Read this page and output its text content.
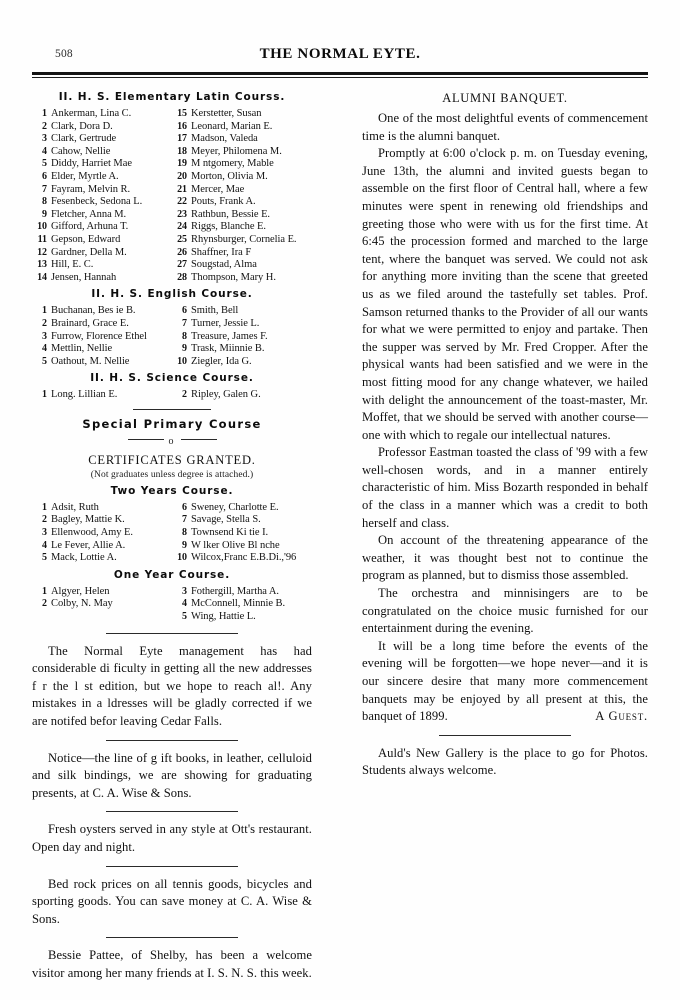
508	THE NORMAL EYTE.
II. H. S. Elementary Latin Courss.
1 Ankerman, Lina C.
2 Clark, Dora D.
3 Clark, Gertrude
4 Cahow, Nellie
5 Diddy, Harriet Mae
6 Elder, Myrtle A.
7 Fayram, Melvin R.
8 Fesenbeck, Sedona L.
9 Fletcher, Anna M.
10 Gifford, Arhuna T.
11 Gepson, Edward
12 Gardner, Della M.
13 Hill, E. C.
14 Jensen, Hannah
15 Kerstetter, Susan
16 Leonard, Marian E.
17 Madson, Valeda
18 Meyer, Philomena M.
19 M ntgomery, Mable
20 Morton, Olivia M.
21 Mercer, Mae
22 Pouts, Frank A.
23 Rathbun, Bessie E.
24 Riggs, Blanche E.
25 Rhynsburger, Cornelia E.
26 Shaffner, Ira F
27 Sougstad, Alma
28 Thompson, Mary H.
II. H. S. English Course.
1 Buchanan, Bes ie B.
2 Brainard, Grace E.
3 Furrow, Florence Ethel
4 Mettlin, Nellie
5 Oathout, M. Nellie
6 Smith, Bell
7 Turner, Jessie L.
8 Treasure, James F.
9 Trask, Miinnie B.
10 Ziegler, Ida G.
II. H. S. Science Course.
1 Long. Lillian E.	2 Ripley, Galen G.
Special Primary Course
o
CERTIFICATES GRANTED.
(Not graduates unless degree is attached.)
Two Years Course.
1 Adsit, Ruth
2 Bagley, Mattie K.
3 Ellenwood, Amy E.
4 Le Fever, Allie A.
5 Mack, Lottie A.
6 Sweney, Charlotte E.
7 Savage, Stella S.
8 Townsend Ki tie I.
9 W lker Olive Bl nche
10 Wilcox,Franc E.B.Di.,'96
One Year Course.
1 Algyer, Helen
2 Colby, N. May
3 Fothergill, Martha A.
4 McConnell, Minnie B.
5 Wing, Hattie L.

The Normal Eyte management has had considerable di ficulty in getting all the new addresses f r the l st edition, but we hope to reach al!. Any mistakes in a ldresses will be gladly corrected if we are notifed befor leaving Cedar Falls.

Notice—the line of g ift books, in leather, celluloid and silk bindings, we are showing for graduating presents, at C. A. Wise & Sons.

Fresh oysters served in any style at Ott's restaurant. Open day and night.

Bed rock prices on all tennis goods, bicycles and sporting goods. You can save money at C. A. Wise & Sons.

Bessie Pattee, of Shelby, has been a welcome visitor among her many friends at I. S. N. S. this week.

ALUMNI BANQUET.

One of the most delightful events of commencement time is the alumni banquet.

Promptly at 6:00 o'clock p. m. on Tuesday evening, June 13th, the alumni and invited guests began to assemble on the first floor of Central hall, where a few minutes were spent in renewing old friendships and greeting those who were with us for the first time. At 6:45 the procession formed and marched to the large tent, where the banquet was served. We could not ask for anything more inviting than the scene that greeted us as we filed around the tastefully set tables. Prof. Samson returned thanks to the Provider of all our wants for what we were permitted to enjoy and partake. Then the supper was served by Mr. Fred Cropper. After the physical wants had been satisfied and we were in the most fitting mood for any change whatever, we hailed with delight the announcement of the toast-master, Mr. Moffet, that we should be served with another course—one with which to regale our intellectual natures.

Professor Eastman toasted the class of '99 with a few well-chosen words, and in a manner entirely characteristic of him. Miss Bozarth responded in behalf of the class in a manner which was a credit to both herself and class.

On account of the threatening appearance of the weather, it was thought best not to continue the program as planned, but to dismiss those assembled.

The orchestra and minnisingers are to be congratulated on the choice music furnished for our entertainment during the evening.

It will be a long time before the events of the evening will be forgotten—we hope never—and it is our sincere desire that many more commencement banquets may be enjoyed by all present at this, the banquet of 1899.	A Guest.

Auld's New Gallery is the place to go for Photos. Students always welcome.
